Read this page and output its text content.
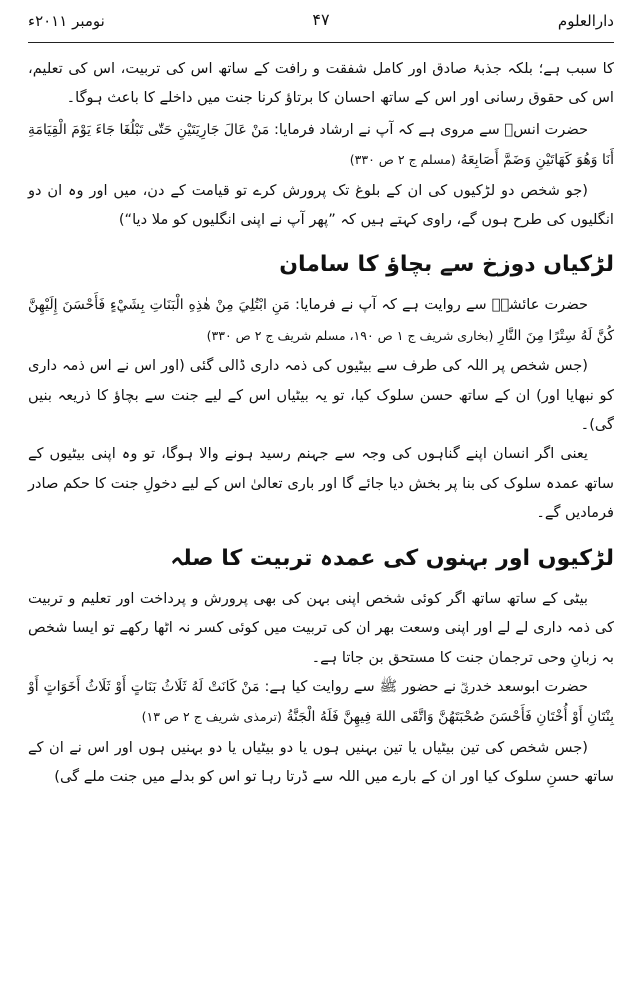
دارالعلوم
۴۷
نومبر ۲۰۱۱ء

کا سبب ہے؛ بلکہ جذبۂ صادق اور کامل شفقت و رافت کے ساتھ اس کی تربیت، اس کی تعلیم، اس کی حقوق رسانی اور اس کے ساتھ احسان کا برتاؤ کرنا جنت میں داخلے کا باعث ہوگا۔

حضرت انسؓ سے مروی ہے کہ آپ نے ارشاد فرمایا: مَنْ عَالَ جَارِيَتَيْنِ حَتّٰى تَبْلُغَا جَاءَ يَوْمَ الْقِيَامَةِ أَنَا وَهُوَ كَهَاتَيْنِ وَضَمَّ أَصَابِعَهُ (مسلم ج ۲ ص ۳۳۰)

(جو شخص دو لڑکیوں کی ان کے بلوغ تک پرورش کرے تو قیامت کے دن، میں اور وہ ان دو انگلیوں کی طرح ہوں گے، راوی کہتے ہیں کہ ”پھر آپ نے اپنی انگلیوں کو ملا دیا“)

لڑکیاں دوزخ سے بچاؤ کا سامان

حضرت عائشہؓ سے روایت ہے کہ آپ نے فرمایا: مَنِ ابْتُلِيَ مِنْ هٰذِهِ الْبَنَاتِ بِشَيْءٍ فَأَحْسَنَ إِلَيْهِنَّ كُنَّ لَهُ سِتْرًا مِنَ النَّارِ (بخاری شریف ج ۱ ص ۱۹۰، مسلم شریف ج ۲ ص ۳۳۰)

(جس شخص پر اللہ کی طرف سے بیٹیوں کی ذمہ داری ڈالی گئی (اور اس نے اس ذمہ داری کو نبھایا اور) ان کے ساتھ حسن سلوک کیا، تو یہ بیٹیاں اس کے لیے جنت سے بچاؤ کا ذریعہ بنیں گی)۔

یعنی اگر انسان اپنے گناہوں کی وجہ سے جہنم رسید ہونے والا ہوگا، تو وہ اپنی بیٹیوں کے ساتھ عمدہ سلوک کی بنا پر بخش دیا جائے گا اور باری تعالیٰ اس کے لیے دخولِ جنت کا حکم صادر فرمادیں گے۔

لڑکیوں اور بہنوں کی عمدہ تربیت کا صلہ

بیٹی کے ساتھ ساتھ اگر کوئی شخص اپنی بہن کی بھی پرورش و پرداخت اور تعلیم و تربیت کی ذمہ داری لے لے اور اپنی وسعت بھر ان کی تربیت میں کوئی کسر نہ اٹھا رکھے تو ایسا شخص بہ زبانِ وحی ترجمان جنت کا مستحق بن جاتا ہے۔

حضرت ابوسعد خدریؓ نے حضور ﷺ سے روایت کیا ہے: مَنْ كَانَتْ لَهُ ثَلَاثُ بَنَاتٍ أَوْ ثَلَاثُ أَخَوَاتٍ أَوْ بِنْتَانِ أَوْ أُخْتَانِ فَأَحْسَنَ صُحْبَتَهُنَّ وَاتَّقَى اللهَ فِيهِنَّ فَلَهُ الْجَنَّةُ (ترمذی شریف ج ۲ ص ۱۳)

(جس شخص کی تین بیٹیاں یا تین بہنیں ہوں یا دو بیٹیاں یا دو بہنیں ہوں اور اس نے ان کے ساتھ حسنِ سلوک کیا اور ان کے بارے میں اللہ سے ڈرتا رہا تو اس کو بدلے میں جنت ملے گی)
